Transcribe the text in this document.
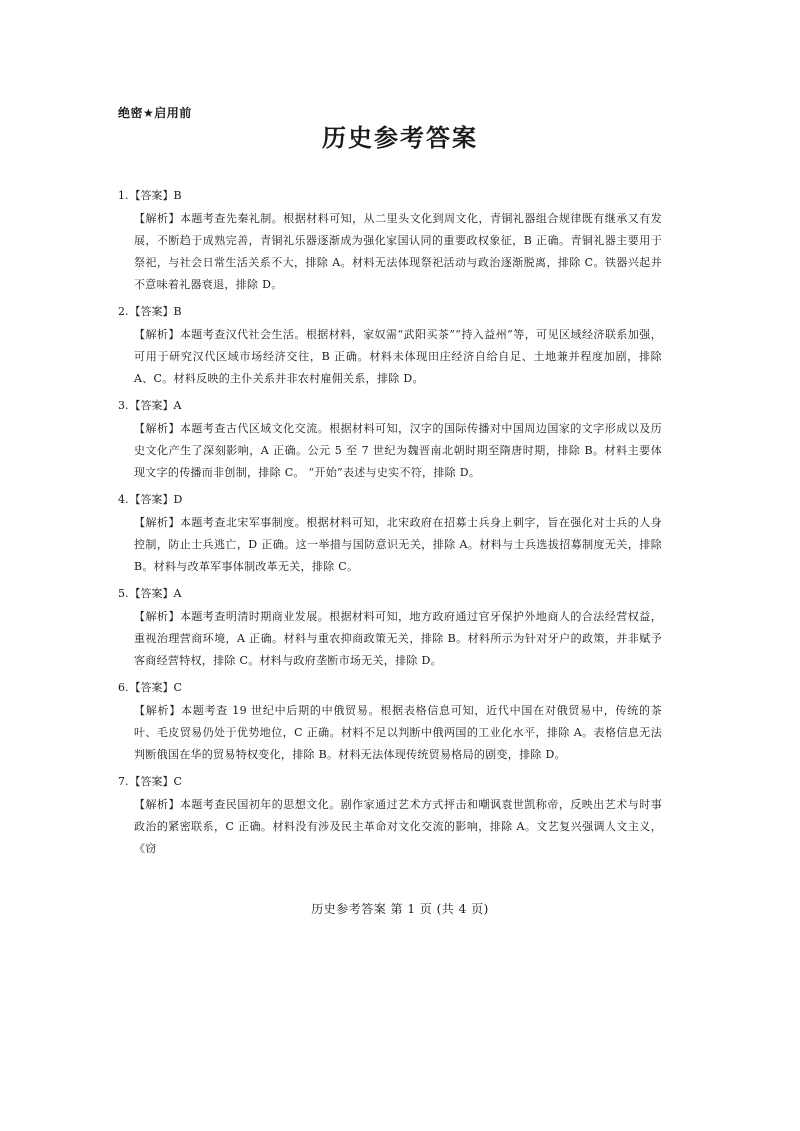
绝密★启用前
历史参考答案
1.【答案】B

【解析】本题考查先秦礼制。根据材料可知，从二里头文化到周文化，青铜礼器组合规律既有继承又有发展，不断趋于成熟完善，青铜礼乐器逐渐成为强化家国认同的重要政权象征，B 正确。青铜礼器主要用于祭祀，与社会日常生活关系不大，排除 A。材料无法体现祭祀活动与政治逐渐脱离，排除 C。铁器兴起并不意味着礼器衰退，排除 D。

2.【答案】B

【解析】本题考查汉代社会生活。根据材料，家奴需“武阳买茶”“持入益州”等，可见区域经济联系加强，可用于研究汉代区域市场经济交往，B 正确。材料未体现田庄经济自给自足、土地兼并程度加剧，排除 A、C。材料反映的主仆关系并非农村雇佣关系，排除 D。

3.【答案】A

【解析】本题考查古代区域文化交流。根据材料可知，汉字的国际传播对中国周边国家的文字形成以及历史文化产生了深刻影响，A 正确。公元 5 至 7 世纪为魏晋南北朝时期至隋唐时期，排除 B。材料主要体现文字的传播而非创制，排除 C。 “开始”表述与史实不符，排除 D。

4.【答案】D

【解析】本题考查北宋军事制度。根据材料可知，北宋政府在招募士兵身上刺字，旨在强化对士兵的人身控制，防止士兵逃亡，D 正确。这一举措与国防意识无关，排除 A。材料与士兵选拔招募制度无关，排除 B。材料与改革军事体制改革无关，排除 C。

5.【答案】A

【解析】本题考查明清时期商业发展。根据材料可知，地方政府通过官牙保护外地商人的合法经营权益，重视治理营商环境，A 正确。材料与重农抑商政策无关，排除 B。材料所示为针对牙户的政策，并非赋予客商经营特权，排除 C。材料与政府垄断市场无关，排除 D。

6.【答案】C

【解析】本题考查 19 世纪中后期的中俄贸易。根据表格信息可知，近代中国在对俄贸易中，传统的茶叶、毛皮贸易仍处于优势地位，C 正确。材料不足以判断中俄两国的工业化水平，排除 A。表格信息无法判断俄国在华的贸易特权变化，排除 B。材料无法体现传统贸易格局的剧变，排除 D。

7.【答案】C

【解析】本题考查民国初年的思想文化。剧作家通过艺术方式抨击和嘲讽袁世凯称帝，反映出艺术与时事政治的紧密联系，C 正确。材料没有涉及民主革命对文化交流的影响，排除 A。文艺复兴强调人文主义， 《窃

历史参考答案 第 1 页 (共 4 页)
